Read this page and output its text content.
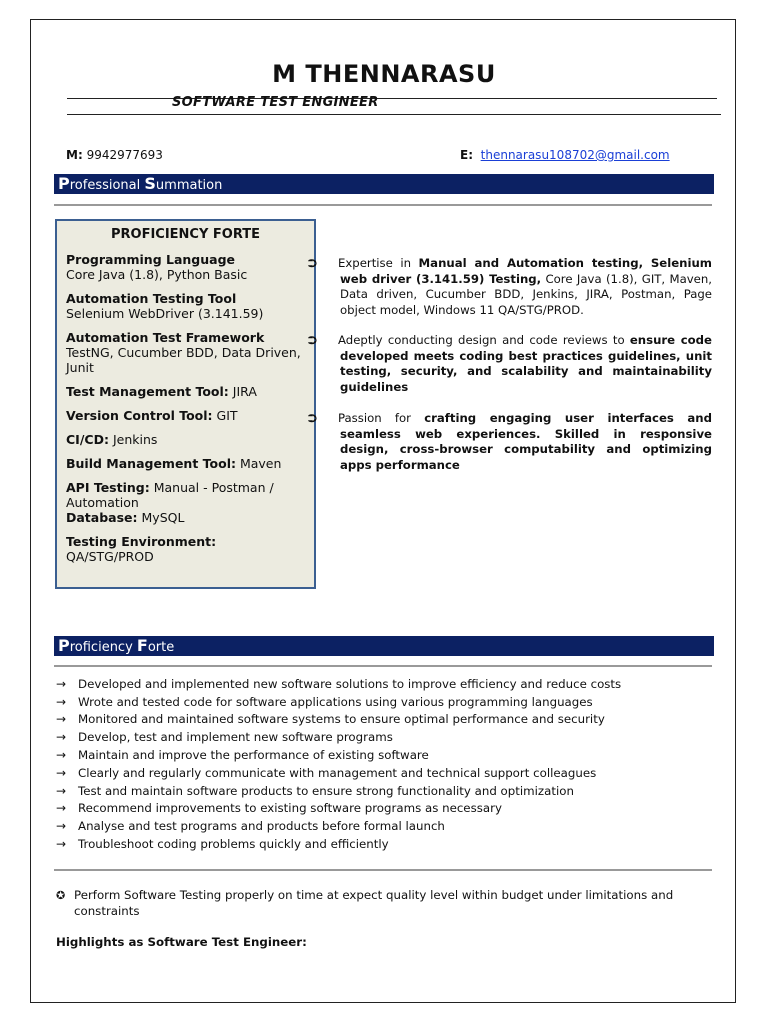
M THENNARASU
SOFTWARE TEST ENGINEER
M: 9942977693	E: thennarasu108702@gmail.com
Professional Summation
PROFICIENCY FORTE
Programming Language
Core Java (1.8), Python Basic
Automation Testing Tool
Selenium WebDriver (3.141.59)
Automation Test Framework
TestNG, Cucumber BDD, Data Driven, Junit
Test Management Tool: JIRA
Version Control Tool: GIT
CI/CD: Jenkins
Build Management Tool: Maven
API Testing: Manual - Postman / Automation
Database: MySQL
Testing Environment:
QA/STG/PROD
⮊ Expertise in Manual and Automation testing, Selenium web driver (3.141.59) Testing, Core Java (1.8), GIT, Maven, Data driven, Cucumber BDD, Jenkins, JIRA, Postman, Page object model, Windows 11 QA/STG/PROD.
⮊ Adeptly conducting design and code reviews to ensure code developed meets coding best practices guidelines, unit testing, security, and scalability and maintainability guidelines
⮊ Passion for crafting engaging user interfaces and seamless web experiences. Skilled in responsive design, cross-browser computability and optimizing apps performance
Proficiency Forte
→	Developed and implemented new software solutions to improve efficiency and reduce costs
→	Wrote and tested code for software applications using various programming languages
→	Monitored and maintained software systems to ensure optimal performance and security
→	Develop, test and implement new software programs
→	Maintain and improve the performance of existing software
→	Clearly and regularly communicate with management and technical support colleagues
→	Test and maintain software products to ensure strong functionality and optimization
→	Recommend improvements to existing software programs as necessary
→	Analyse and test programs and products before formal launch
→	Troubleshoot coding problems quickly and efficiently
✪ Perform Software Testing properly on time at expect quality level within budget under limitations and constraints
Highlights as Software Test Engineer:
